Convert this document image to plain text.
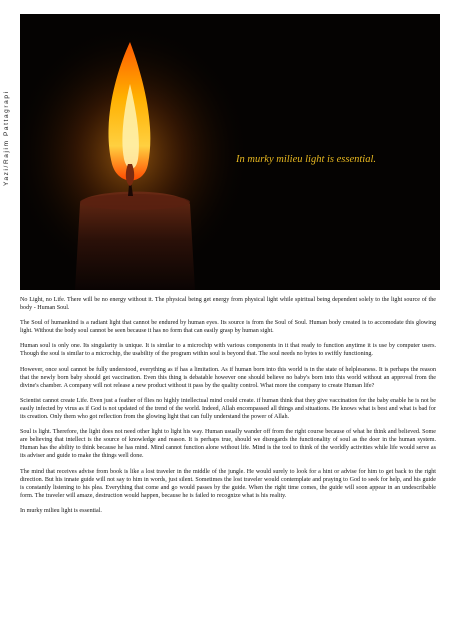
In murky milieu light is essential.
Yazi/Rajim Pattagrapi

No Light, no Life. There will be no energy without it. The physical being get energy from physical light while spiritual being dependent solely to the light source of the body - Human Soul.

The Soul of humankind is a radiant light that cannot be endured by human eyes. Its source is from the Soul of Soul. Human body created is to accomodate this glowing light. Without the body soul cannot be seen because it has no form that can easily grasp by human sight.

Human soul is only one. Its singularity is unique. It is similar to a microchip with various components in it that ready to function anytime it is use by computer users. Though the soul is similar to a microchip, the usability of the program within soul is beyond that. The soul needs no bytes to swiftly functioning.

However, once soul cannot be fully understood, everything as if has a limitation. As if human born into this world is in the state of helplessness. It is perhaps the reason that the newly born baby should get vaccination. Even this thing is debatable however one should believe no baby's born into this world without an approval from the divine's chamber. A company will not release a new product without it pass by the quality control. What more the company to create Human life?

Scientist cannot create Life. Even just a feather of flies no highly intellectual mind could create. if human think that they give vaccination for the baby enable he is not be easily infected by virus as if God is not updated of the trend of the world. Indeed, Allah encompassed all things and situations. He knows what is best and what is bad for its creation. Only them who got reflection from the glowing light that can fully understand the power of Allah.

Soul is light. Therefore, the light does not need other light to light his way. Human usually wander off from the right course because of what he think and believed. Some are believing that intellect is the source of knowledge and reason. It is perhaps true, should we disregards the functionality of soul as the doer in the human system. Human has the ability to think because he has mind. Mind cannot function alone without life. Mind is the tool to think of the worldly activities while life would serve as its adviser and guide to make the things well done.

The mind that receives advise from book is like a lost traveler in the middle of the jungle. He would surely to look for a hint or advise for him to get back to the right direction. But his innate guide will not say to him in words, just silent. Sometimes the lost traveler would contemplate and praying to God to seek for help, and his guide is constantly listening to his plea. Everything that come and go would passes by the guide. When the right time comes, the guide will soon appear in an undescribable form. The traveler will amaze, destruction would happen, because he is failed to recognize what is his reality.

In murky milieu light is essential.
